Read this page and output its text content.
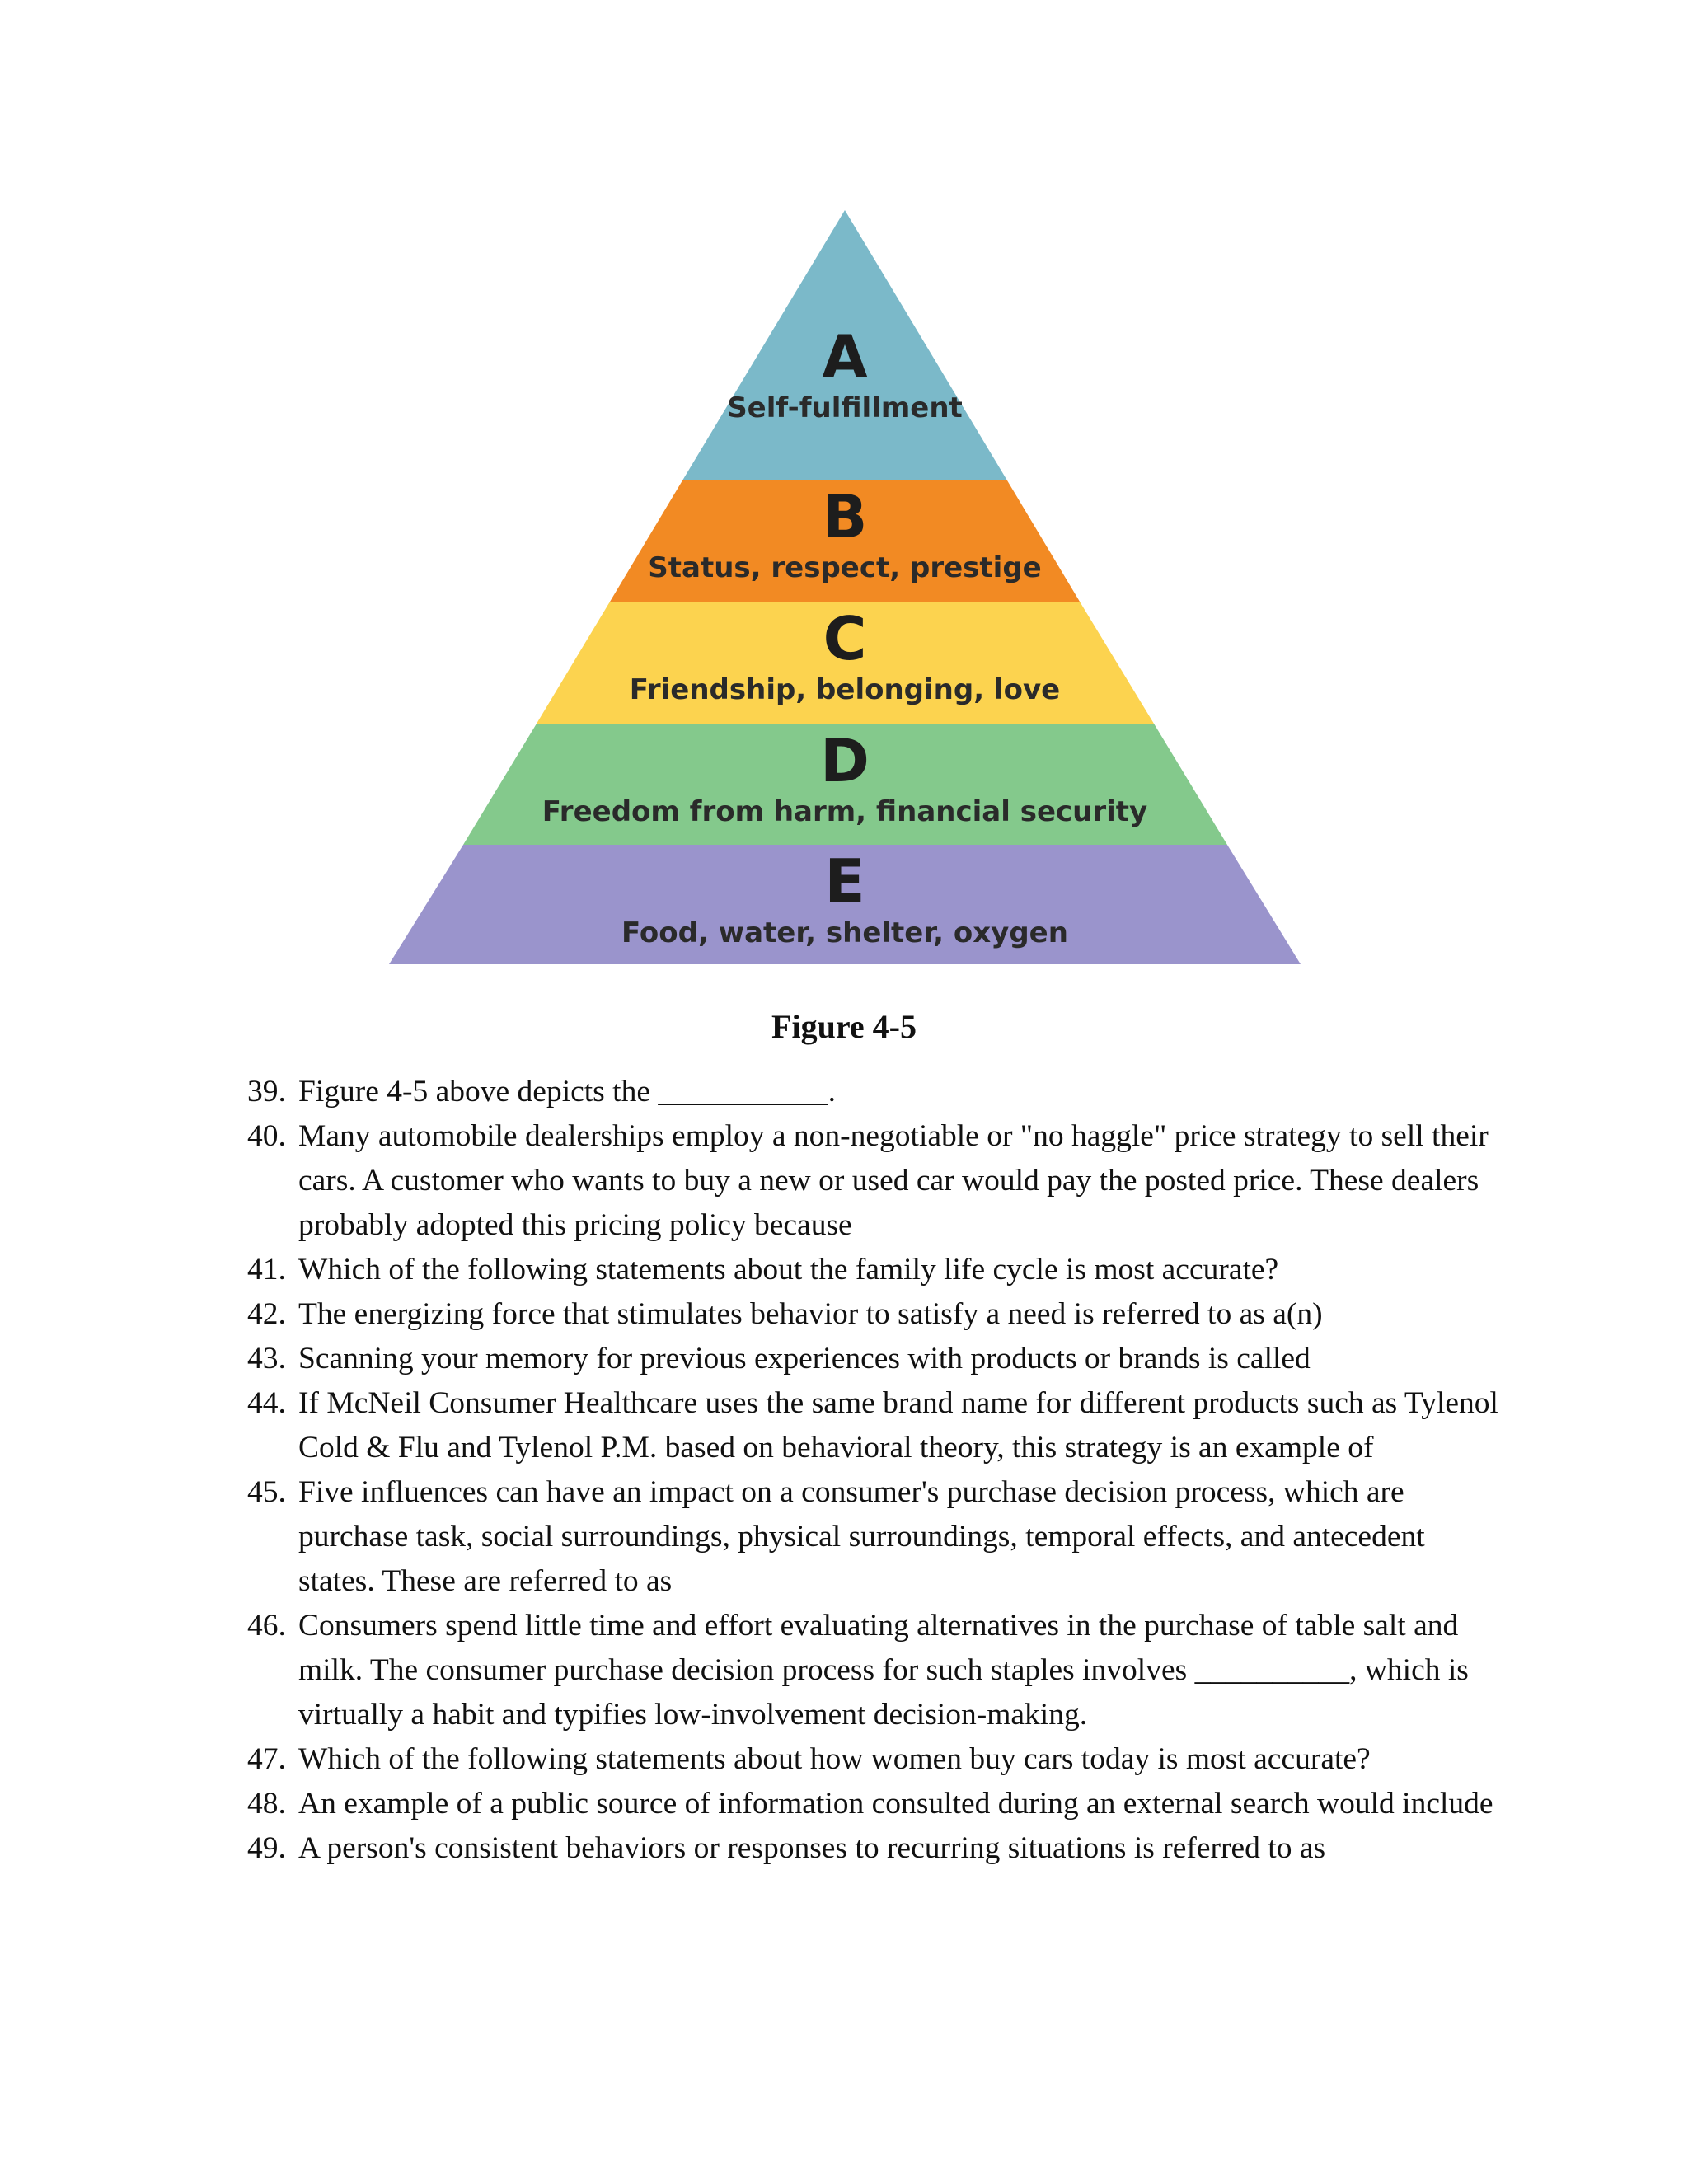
A
Self-fulfillment
B
Status, respect, prestige
C
Friendship, belonging, love
D
Freedom from harm, financial security
E
Food, water, shelter, oxygen
Figure 4-5
39. Figure 4-5 above depicts the ___________.
40. Many automobile dealerships employ a non-negotiable or "no haggle" price strategy to sell their cars. A customer who wants to buy a new or used car would pay the posted price. These dealers probably adopted this pricing policy because
41. Which of the following statements about the family life cycle is most accurate?
42. The energizing force that stimulates behavior to satisfy a need is referred to as a(n)
43. Scanning your memory for previous experiences with products or brands is called
44. If McNeil Consumer Healthcare uses the same brand name for different products such as Tylenol Cold & Flu and Tylenol P.M. based on behavioral theory, this strategy is an example of
45. Five influences can have an impact on a consumer's purchase decision process, which are purchase task, social surroundings, physical surroundings, temporal effects, and antecedent states. These are referred to as
46. Consumers spend little time and effort evaluating alternatives in the purchase of table salt and milk. The consumer purchase decision process for such staples involves __________, which is virtually a habit and typifies low-involvement decision-making.
47. Which of the following statements about how women buy cars today is most accurate?
48. An example of a public source of information consulted during an external search would include
49. A person's consistent behaviors or responses to recurring situations is referred to as
